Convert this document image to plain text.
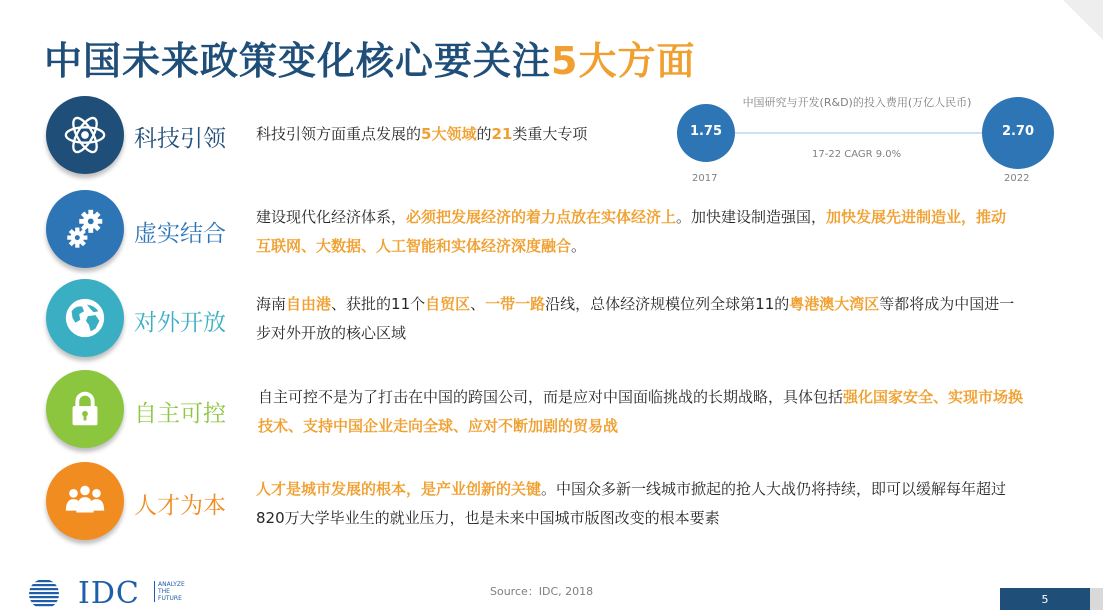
中国未来政策变化核心要关注5大方面
中国研究与开发(R&D)的投入费用(万亿人民币)
1.75	2.70
17-22 CAGR 9.0%
2017	2022
科技引领 科技引领方面重点发展的5大领域的21类重大专项
虚实结合
建设现代化经济体系，必须把发展经济的着力点放在实体经济上。加快建设制造强国，加快发展先进制造业，推动互联网、大数据、人工智能和实体经济深度融合。
对外开放
海南自由港、获批的11个自贸区、一带一路沿线，总体经济规模位列全球第11的粤港澳大湾区等都将成为中国进一步对外开放的核心区域
自主可控
自主可控不是为了打击在中国的跨国公司，而是应对中国面临挑战的长期战略，具体包括强化国家安全、实现市场换技术、支持中国企业走向全球、应对不断加剧的贸易战
人才为本
人才是城市发展的根本，是产业创新的关键。中国众多新一线城市掀起的抢人大战仍将持续，即可以缓解每年超过820万大学毕业生的就业压力，也是未来中国城市版图改变的根本要素
IDC	ANALYZE
THE
FUTURE
Source：IDC, 2018
5
